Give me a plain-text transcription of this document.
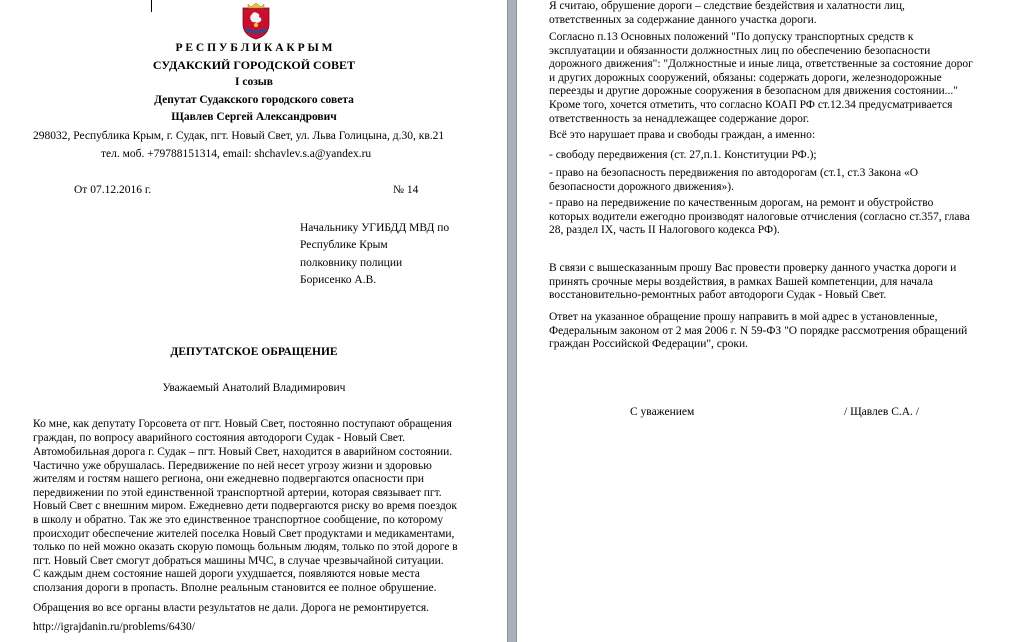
Р Е С П У Б Л И К А К Р Ы М
СУДАКСКИЙ ГОРОДСКОЙ СОВЕТ
I созыв
Депутат Судакского городского совета
Щавлев Сергей Александрович
298032, Республика Крым, г. Судак, пгт. Новый Свет, ул. Льва Голицына, д.30, кв.21
тел. моб. +79788151314, email: shchavlev.s.a@yandex.ru
От 07.12.2016 г.	№ 14
Начальнику УГИБДД МВД по
Республике Крым
полковнику полиции
Борисенко А.В.
ДЕПУТАТСКОЕ ОБРАЩЕНИЕ
Уважаемый Анатолий Владимирович
Ко мне, как депутату Горсовета от пгт. Новый Свет, постоянно поступают обращения
граждан, по вопросу аварийного состояния автодороги Судак - Новый Свет.
Автомобильная дорога г. Судак – пгт. Новый Свет, находится в аварийном состоянии.
Частично уже обрушалась. Передвижение по ней несет угрозу жизни и здоровью
жителям и гостям нашего региона, они ежедневно подвергаются опасности при
передвижении по этой единственной транспортной артерии, которая связывает пгт.
Новый Свет с внешним миром. Ежедневно дети подвергаются риску во время поездок
в школу и обратно. Так же это единственное транспортное сообщение, по которому
происходит обеспечение жителей поселка Новый Свет продуктами и медикаментами,
только по ней можно оказать скорую помощь больным людям, только по этой дороге в
пгт. Новый Свет смогут добраться машины МЧС, в случае чрезвычайной ситуации.
С каждым днем состояние нашей дороги ухудшается, появляются новые места
сползания дороги в пропасть. Вполне реальным становится ее полное обрушение.
Обращения во все органы власти результатов не дали. Дорога не ремонтируется.
http://igrajdanin.ru/problems/6430/
Я считаю, обрушение дороги – следствие бездействия и халатности лиц,
ответственных за содержание данного участка дороги.
Согласно п.13 Основных положений "По допуску транспортных средств к
эксплуатации и обязанности должностных лиц по обеспечению безопасности
дорожного движения": "Должностные и иные лица, ответственные за состояние дорог
и других дорожных сооружений, обязаны: содержать дороги, железнодорожные
переезды и другие дорожные сооружения в безопасном для движения состоянии..."
Кроме того, хочется отметить, что согласно КОАП РФ ст.12.34 предусматривается
ответственность за ненадлежащее содержание дорог.
Всё это нарушает права и свободы граждан, а именно:
- свободу передвижения (ст. 27,п.1. Конституции РФ.);
- право на безопасность передвижения по автодорогам (ст.1, ст.3 Закона «О
безопасности дорожного движения»).
- право на передвижение по качественным дорогам, на ремонт и обустройство
которых водители ежегодно производят налоговые отчисления (согласно ст.357, глава
28, раздел IX, часть II Налогового кодекса РФ).
В связи с вышесказанным прошу Вас провести проверку данного участка дороги и
принять срочные меры воздействия, в рамках Вашей компетенции, для начала
восстановительно-ремонтных работ автодороги Судак - Новый Свет.
Ответ на указанное обращение прошу направить в мой адрес в установленные,
Федеральным законом от 2 мая 2006 г. N 59-ФЗ "О порядке рассмотрения обращений
граждан Российской Федерации", сроки.
С уважением	/ Щавлев С.А. /
